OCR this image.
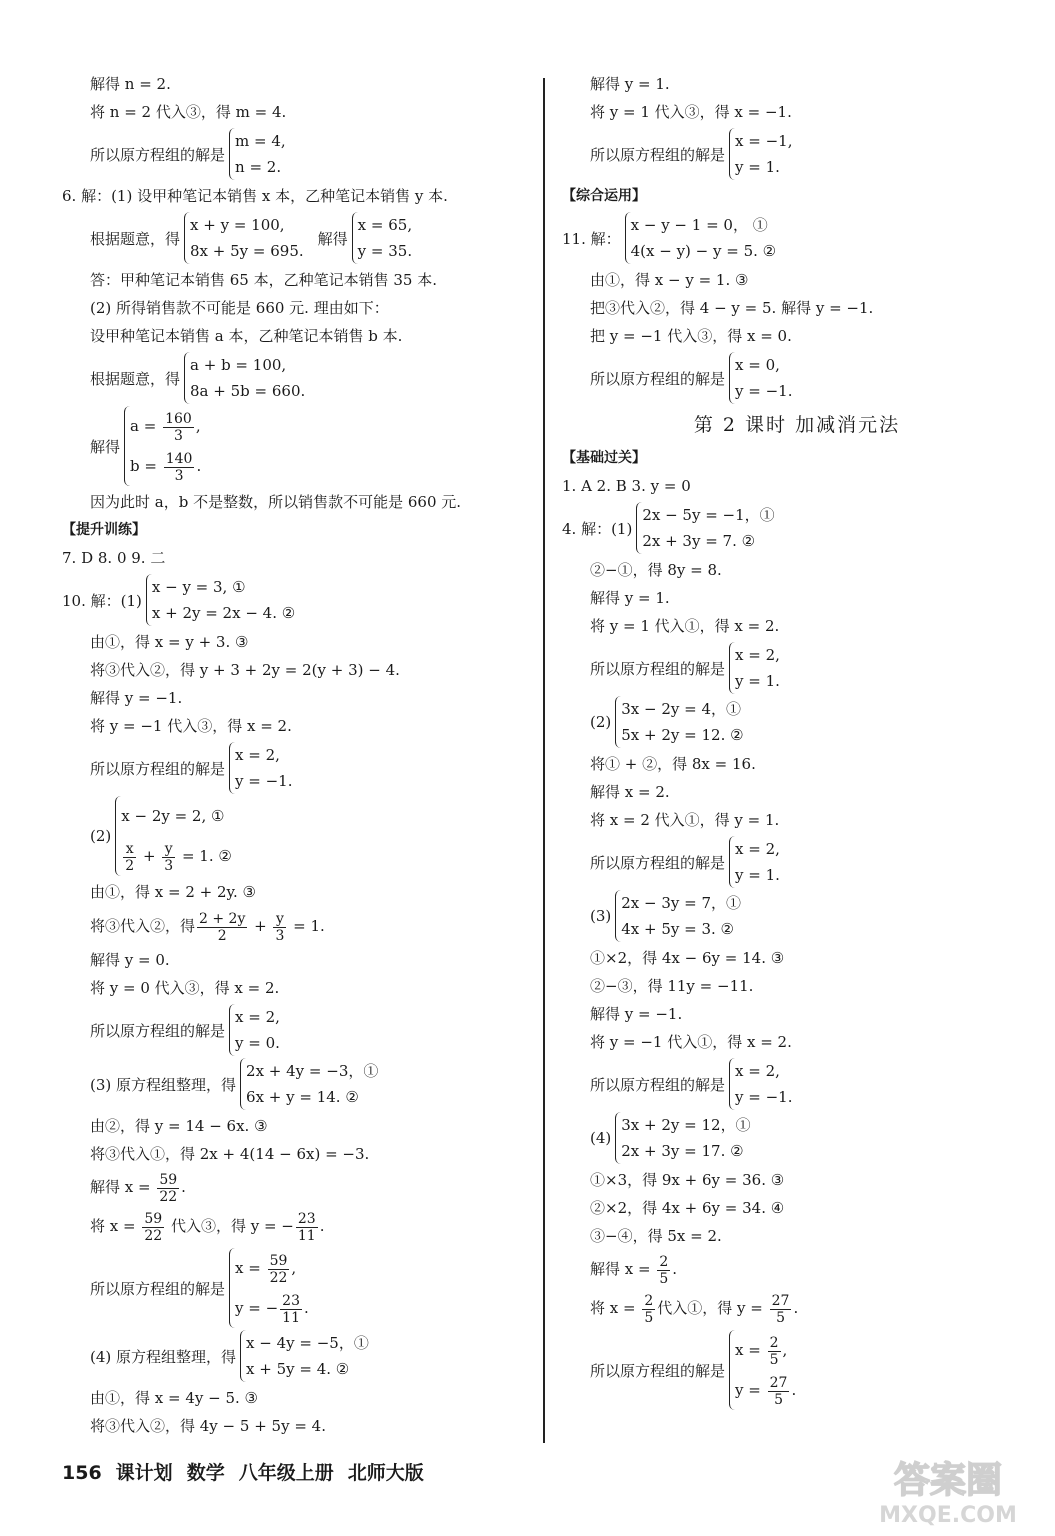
解得 n = 2.
将 n = 2 代入③，得 m = 4.
所以原方程组的解是
m = 4,
n = 2.
6. 解：(1) 设甲种笔记本销售 x 本，乙种笔记本销售 y 本.
根据题意，得
x + y = 100,
8x + 5y = 695.
解得
x = 65,
y = 35.
答：甲种笔记本销售 65 本，乙种笔记本销售 35 本.
(2) 所得销售款不可能是 660 元. 理由如下：
设甲种笔记本销售 a 本，乙种笔记本销售 b 本.
根据题意，得
a + b = 100,
8a + 5b = 660.
解得
$a = \frac{160}{3}$ ,
$b = \frac{140}{3}$ .
因为此时 a，b 不是整数，所以销售款不可能是 660 元.
【提升训练】
7. D 8. 0 9. 二
10. 解：(1)
x − y = 3, ①
x + 2y = 2x − 4. ②
由①，得 x = y + 3. ③
将③代入②，得 y + 3 + 2y = 2(y + 3) − 4.
解得 y = −1.
将 y = −1 代入③，得 x = 2.
所以原方程组的解是
x = 2,
y = −1.
(2)
x − 2y = 2, ①
$\frac{x}{2} + \frac{y}{3} = 1$. ②
由①，得 x = 2 + 2y. ③
将③代入②，得 $\frac{2 + 2y}{2} + \frac{y}{3} = 1$.
解得 y = 0.
将 y = 0 代入③，得 x = 2.
所以原方程组的解是
x = 2,
y = 0.
(3) 原方程组整理，得
2x + 4y = −3，①
6x + y = 14. ②
由②，得 y = 14 − 6x. ③
将③代入①，得 2x + 4(14 − 6x) = −3.
解得 $x = \frac{59}{22}$ .
将 $x = \frac{59}{22}$ 代入③，得 y = − $\frac{23}{11}$ .
所以原方程组的解是
$x = \frac{59}{22}$ ,
y = − $\frac{23}{11}$ .
(4) 原方程组整理，得
x − 4y = −5，①
x + 5y = 4. ②
由①，得 x = 4y − 5. ③
将③代入②，得 4y − 5 + 5y = 4.
解得 y = 1.
将 y = 1 代入③，得 x = −1.
所以原方程组的解是
x = −1,
y = 1.
【综合运用】
11. 解：
x − y − 1 = 0， ①
4(x − y) − y = 5. ②
由①，得 x − y = 1. ③
把③代入②，得 4 − y = 5. 解得 y = −1.
把 y = −1 代入③，得 x = 0.
所以原方程组的解是
x = 0,
y = −1.
第 2 课时 加减消元法
【基础过关】
1. A 2. B 3. y = 0
4. 解：(1)
2x − 5y = −1，①
2x + 3y = 7. ②
②−①，得 8y = 8.
解得 y = 1.
将 y = 1 代入①，得 x = 2.
所以原方程组的解是
x = 2,
y = 1.
(2)
3x − 2y = 4，①
5x + 2y = 12. ②
将① + ②，得 8x = 16.
解得 x = 2.
将 x = 2 代入①，得 y = 1.
所以原方程组的解是
x = 2,
y = 1.
(3)
2x − 3y = 7，①
4x + 5y = 3. ②
①×2，得 4x − 6y = 14. ③
②−③，得 11y = −11.
解得 y = −1.
将 y = −1 代入①，得 x = 2.
所以原方程组的解是
x = 2,
y = −1.
(4)
3x + 2y = 12，①
2x + 3y = 17. ②
①×3，得 9x + 6y = 36. ③
②×2，得 4x + 6y = 34. ④
③−④，得 5x = 2.
解得 $x = \frac{2}{5}$ .
将 $x = \frac{2}{5}$ 代入①，得 $y = \frac{27}{5}$ .
所以原方程组的解是
$x = \frac{2}{5}$ ,
$y = \frac{27}{5}$ .
156 课计划 数学 八年级上册 北师大版	答案圈
MXQE.COM
